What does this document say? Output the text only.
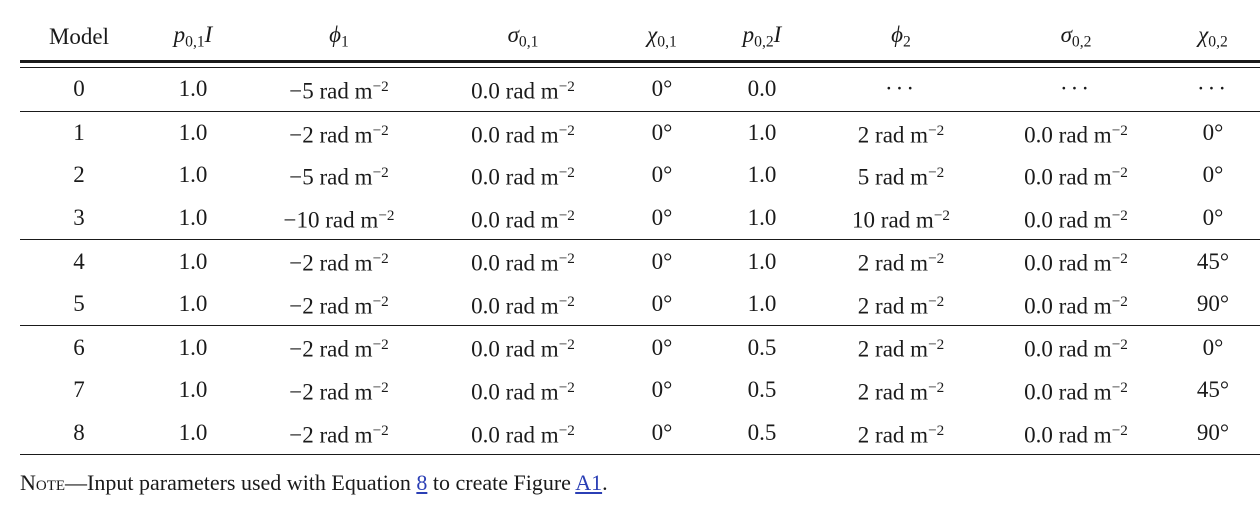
Model	$p_{0,1}I$	$\phi_1$	$\sigma_{0,1}$	$\chi_{0,1}$	$p_{0,2}I$	$\phi_2$	$\sigma_{0,2}$	$\chi_{0,2}$

0	1.0	−5 rad $m^{-2}$	0.0 rad $m^{-2}$	0°	0.0	···	···	···

1	1.0	−2 rad $m^{-2}$	0.0 rad $m^{-2}$	0°	1.0	2 rad $m^{-2}$	0.0 rad $m^{-2}$	0°
2	1.0	−5 rad $m^{-2}$	0.0 rad $m^{-2}$	0°	1.0	5 rad $m^{-2}$	0.0 rad $m^{-2}$	0°
3	1.0	−10 rad $m^{-2}$	0.0 rad $m^{-2}$	0°	1.0	10 rad $m^{-2}$	0.0 rad $m^{-2}$	0°

4	1.0	−2 rad $m^{-2}$	0.0 rad $m^{-2}$	0°	1.0	2 rad $m^{-2}$	0.0 rad $m^{-2}$	45°
5	1.0	−2 rad $m^{-2}$	0.0 rad $m^{-2}$	0°	1.0	2 rad $m^{-2}$	0.0 rad $m^{-2}$	90°

6	1.0	−2 rad $m^{-2}$	0.0 rad $m^{-2}$	0°	0.5	2 rad $m^{-2}$	0.0 rad $m^{-2}$	0°
7	1.0	−2 rad $m^{-2}$	0.0 rad $m^{-2}$	0°	0.5	2 rad $m^{-2}$	0.0 rad $m^{-2}$	45°
8	1.0	−2 rad $m^{-2}$	0.0 rad $m^{-2}$	0°	0.5	2 rad $m^{-2}$	0.0 rad $m^{-2}$	90°

Note—Input parameters used with Equation 8 to create Figure A1.
